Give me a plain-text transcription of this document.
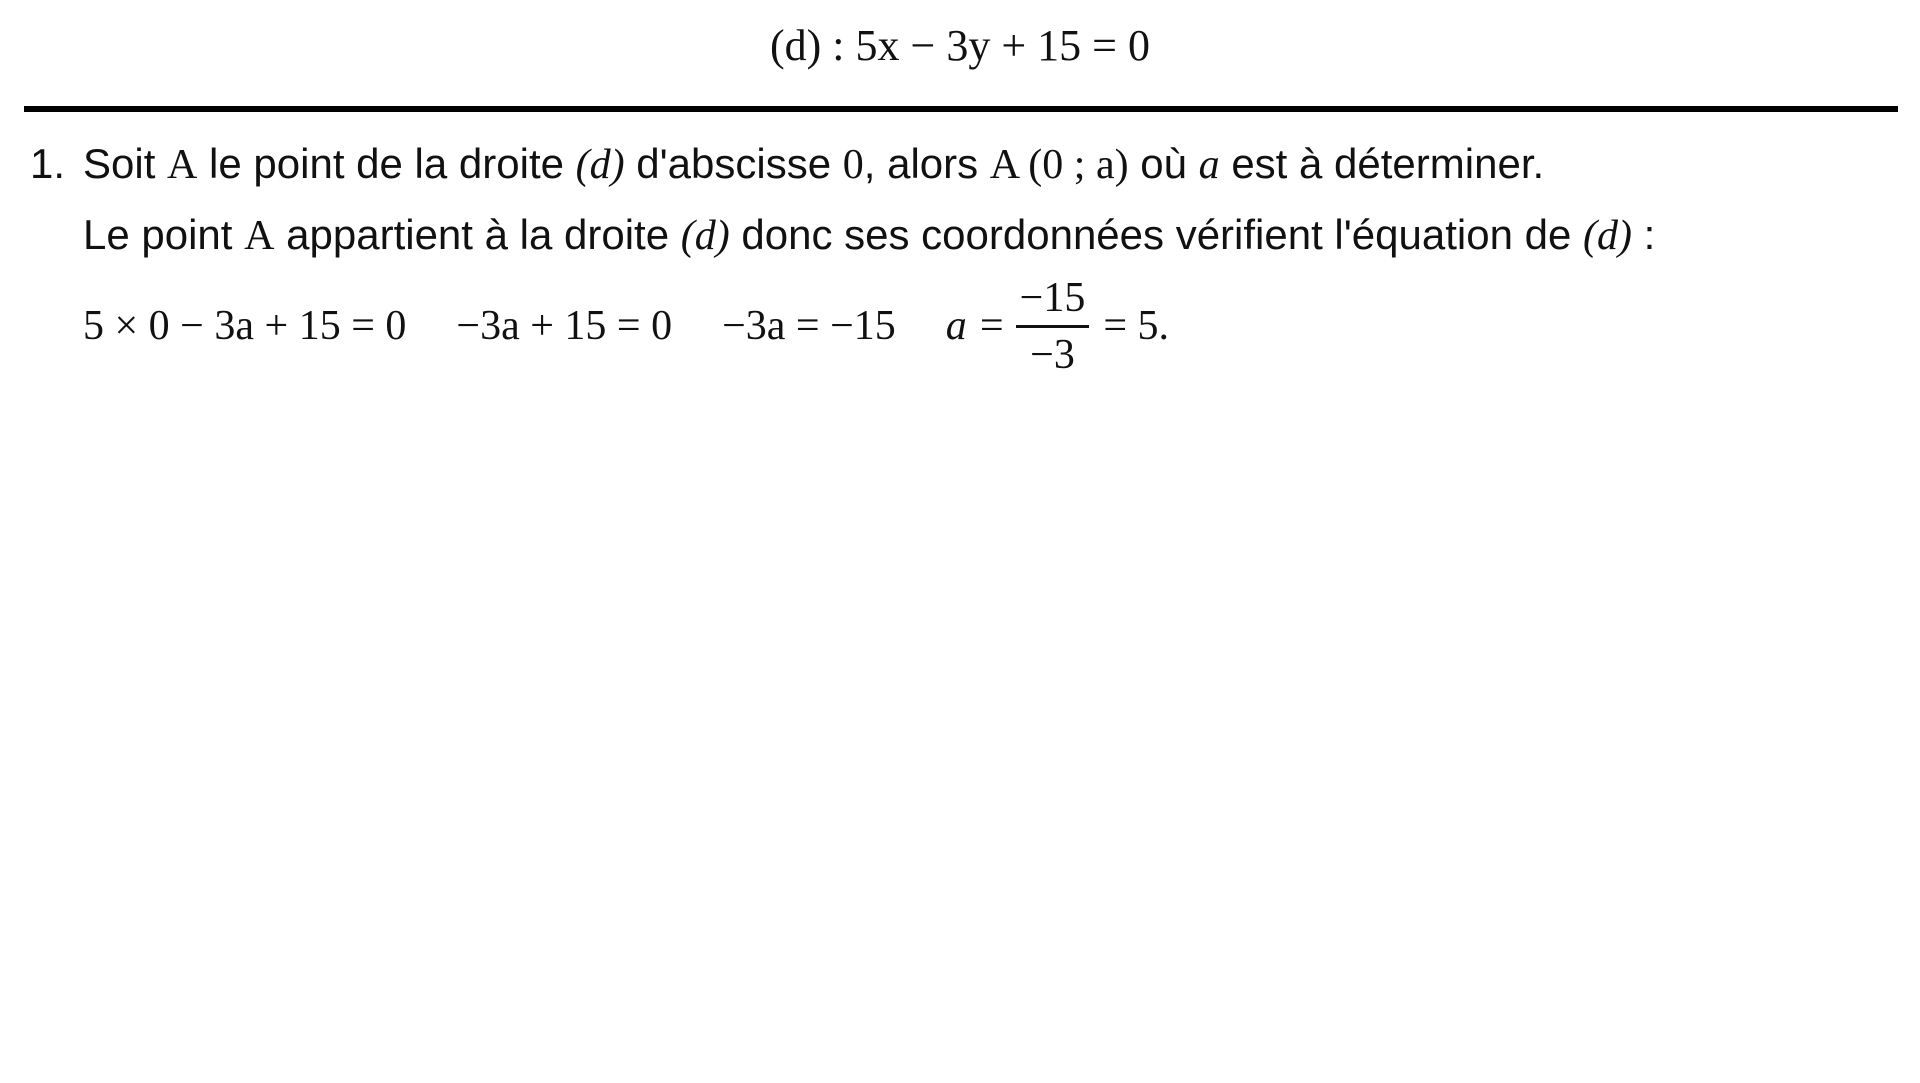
(d) : 5x − 3y + 15 = 0
1. Soit A le point de la droite (d) d'abscisse 0, alors A (0 ; a) où a est à déterminer.
Le point A appartient à la droite (d) donc ses coordonnées vérifient l'équation de (d) :
5 × 0 − 3a + 15 = 0 −3a + 15 = 0 −3a = −15 $a = \frac{-15}{-3} = 5$.
